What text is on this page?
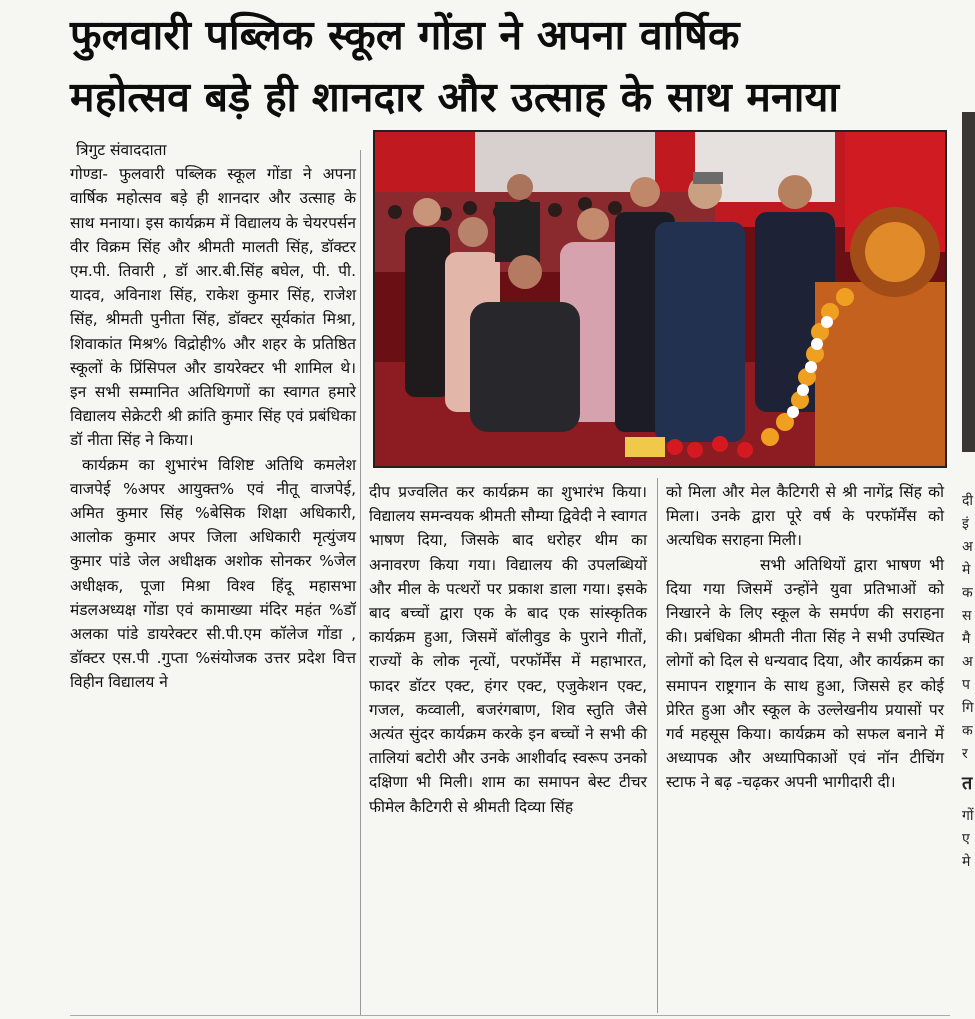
फुलवारी पब्लिक स्कूल गोंडा ने अपना वार्षिक
महोत्सव बड़े ही शानदार और उत्साह के साथ मनाया

त्रिगुट संवाददाता

गोण्डा- फुलवारी पब्लिक स्कूल गोंडा ने अपना वार्षिक महोत्सव बड़े ही शानदार और उत्साह के साथ मनाया। इस कार्यक्रम में विद्यालय के चेयरपर्सन वीर विक्रम सिंह और श्रीमती मालती सिंह, डॉक्टर एम.पी. तिवारी , डॉ आर.बी.सिंह बघेल, पी. पी. यादव, अविनाश सिंह, राकेश कुमार सिंह, राजेश सिंह, श्रीमती पुनीता सिंह, डॉक्टर सूर्यकांत मिश्रा, शिवाकांत मिश्र% विद्रोही% और शहर के प्रतिष्ठित स्कूलों के प्रिंसिपल और डायरेक्टर भी शामिल थे। इन सभी सम्मानित अतिथिगणों का स्वागत हमारे विद्यालय सेक्रेटरी श्री क्रांति कुमार सिंह एवं प्रबंधिका डॉ नीता सिंह ने किया।

कार्यक्रम का शुभारंभ विशिष्ट अतिथि कमलेश वाजपेई %अपर आयुक्त% एवं नीतू वाजपेई, अमित कुमार सिंह %बेसिक शिक्षा अधिकारी, आलोक कुमार अपर जिला अधिकारी मृत्युंजय कुमार पांडे जेल अधीक्षक अशोक सोनकर %जेल अधीक्षक, पूजा मिश्रा विश्व हिंदू महासभा मंडलअध्यक्ष गोंडा एवं कामाख्या मंदिर महंत %डॉ अलका पांडे डायरेक्टर सी.पी.एम कॉलेज गोंडा , डॉक्टर एस.पी .गुप्ता %संयोजक उत्तर प्रदेश वित्त विहीन विद्यालय ने

दीप प्रज्वलित कर कार्यक्रम का शुभारंभ किया। विद्यालय समन्वयक श्रीमती सौम्या द्विवेदी ने स्वागत भाषण दिया, जिसके बाद धरोहर थीम का अनावरण किया गया। विद्यालय की उपलब्धियों और मील के पत्थरों पर प्रकाश डाला गया। इसके बाद बच्चों द्वारा एक के बाद एक सांस्कृतिक कार्यक्रम हुआ, जिसमें बॉलीवुड के पुराने गीतों, राज्यों के लोक नृत्यों, परफॉर्मेंस में महाभारत, फादर डॉटर एक्ट, हंगर एक्ट, एजुकेशन एक्ट, गजल, कव्वाली, बजरंगबाण, शिव स्तुति जैसे अत्यंत सुंदर कार्यक्रम करके इन बच्चों ने सभी की तालियां बटोरी और उनके आशीर्वाद स्वरूप उनको दक्षिणा भी मिली। शाम का समापन बेस्ट टीचर फीमेल कैटिगरी से श्रीमती दिव्या सिंह

को मिला और मेल कैटिगरी से श्री नागेंद्र सिंह को मिला। उनके द्वारा पूरे वर्ष के परफॉर्मेंस को अत्यधिक सराहना मिली।

सभी अतिथियों द्वारा भाषण भी दिया गया जिसमें उन्होंने युवा प्रतिभाओं को निखारने के लिए स्कूल के समर्पण की सराहना की। प्रबंधिका श्रीमती नीता सिंह ने सभी उपस्थित लोगों को दिल से धन्यवाद दिया, और कार्यक्रम का समापन राष्ट्रगान के साथ हुआ, जिससे हर कोई प्रेरित हुआ और स्कूल के उल्लेखनीय प्रयासों पर गर्व महसूस किया। कार्यक्रम को सफल बनाने में अध्यापक और अध्यापिकाओं एवं नॉन टीचिंग स्टाफ ने बढ़ -चढ़कर अपनी भागीदारी दी।

दी
इं
अ
मे
क
स
मै
अ
प
गि
क
र
त
गों
ए
मे
